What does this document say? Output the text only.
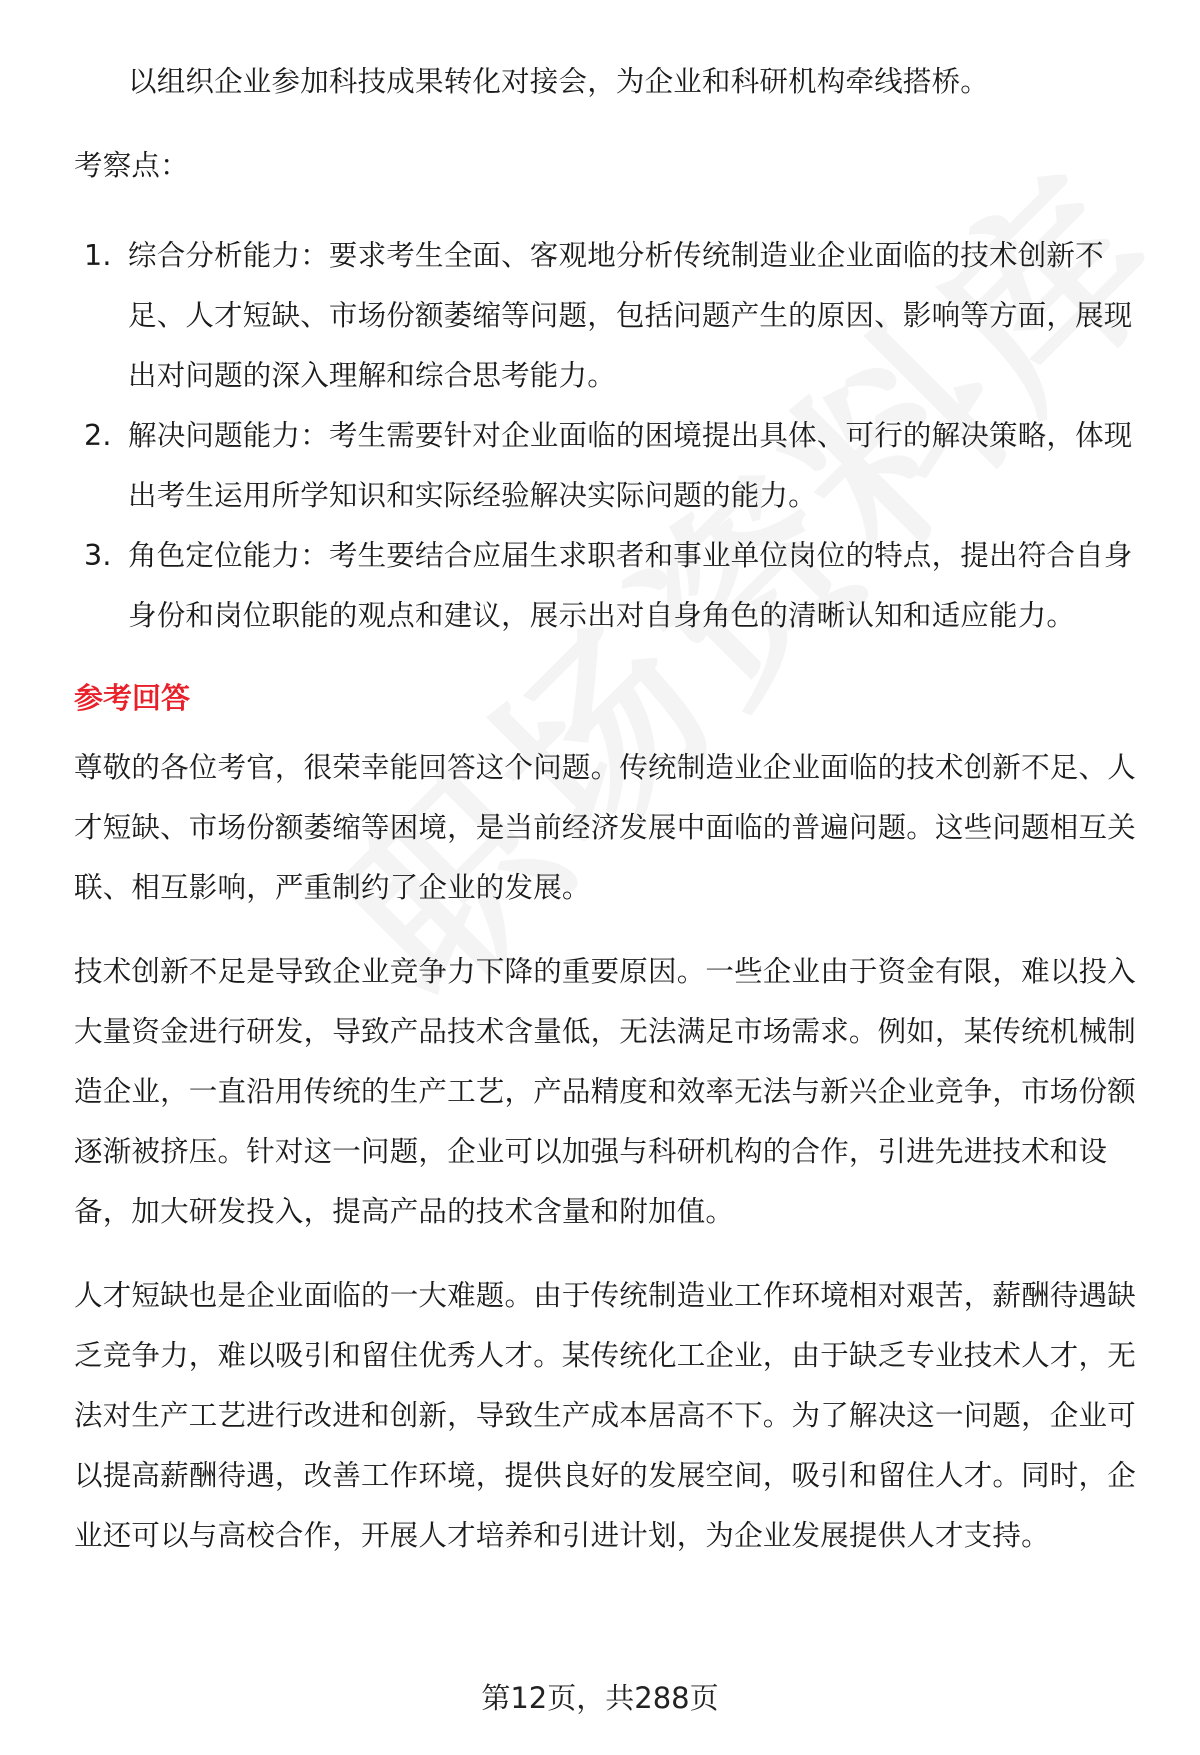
以组织企业参加科技成果转化对接会，为企业和科研机构牵线搭桥。

考察点：

1. 综合分析能力：要求考生全面、客观地分析传统制造业企业面临的技术创新不足、人才短缺、市场份额萎缩等问题，包括问题产生的原因、影响等方面，展现出对问题的深入理解和综合思考能力。
2. 解决问题能力：考生需要针对企业面临的困境提出具体、可行的解决策略，体现出考生运用所学知识和实际经验解决实际问题的能力。
3. 角色定位能力：考生要结合应届生求职者和事业单位岗位的特点，提出符合自身身份和岗位职能的观点和建议，展示出对自身角色的清晰认知和适应能力。

参考回答

尊敬的各位考官，很荣幸能回答这个问题。传统制造业企业面临的技术创新不足、人才短缺、市场份额萎缩等困境，是当前经济发展中面临的普遍问题。这些问题相互关联、相互影响，严重制约了企业的发展。

技术创新不足是导致企业竞争力下降的重要原因。一些企业由于资金有限，难以投入大量资金进行研发，导致产品技术含量低，无法满足市场需求。例如，某传统机械制造企业，一直沿用传统的生产工艺，产品精度和效率无法与新兴企业竞争，市场份额逐渐被挤压。针对这一问题，企业可以加强与科研机构的合作，引进先进技术和设备，加大研发投入，提高产品的技术含量和附加值。

人才短缺也是企业面临的一大难题。由于传统制造业工作环境相对艰苦，薪酬待遇缺乏竞争力，难以吸引和留住优秀人才。某传统化工企业，由于缺乏专业技术人才，无法对生产工艺进行改进和创新，导致生产成本居高不下。为了解决这一问题，企业可以提高薪酬待遇，改善工作环境，提供良好的发展空间，吸引和留住人才。同时，企业还可以与高校合作，开展人才培养和引进计划，为企业发展提供人才支持。

第12页，共288页
